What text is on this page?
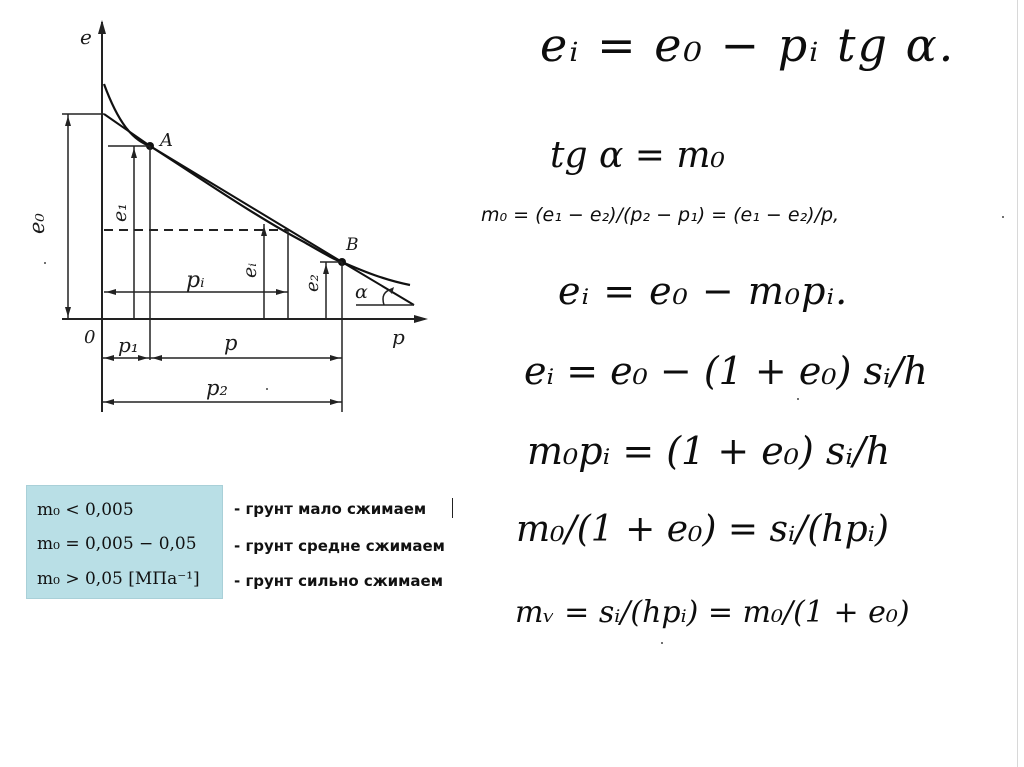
e
p
0
A
B
e₀
e₁
eᵢ
e₂ α
pᵢ
p₁	p
p₂
eᵢ = e₀ − pᵢ tg α.
tg α = m₀
m₀ = (e₁ − e₂)/(p₂ − p₁) = (e₁ − e₂)/p,
eᵢ = e₀ − m₀pᵢ.
eᵢ = e₀ − (1 + e₀) sᵢ/h
m₀pᵢ = (1 + e₀) sᵢ/h
m₀/(1 + e₀) = sᵢ/(hpᵢ)
mᵥ = sᵢ/(hpᵢ) = m₀/(1 + e₀)
m₀ < 0,005
m₀ = 0,005 − 0,05
m₀ > 0,05 [МПа⁻¹]
- грунт мало сжимаем
- грунт средне сжимаем
- грунт сильно сжимаем
